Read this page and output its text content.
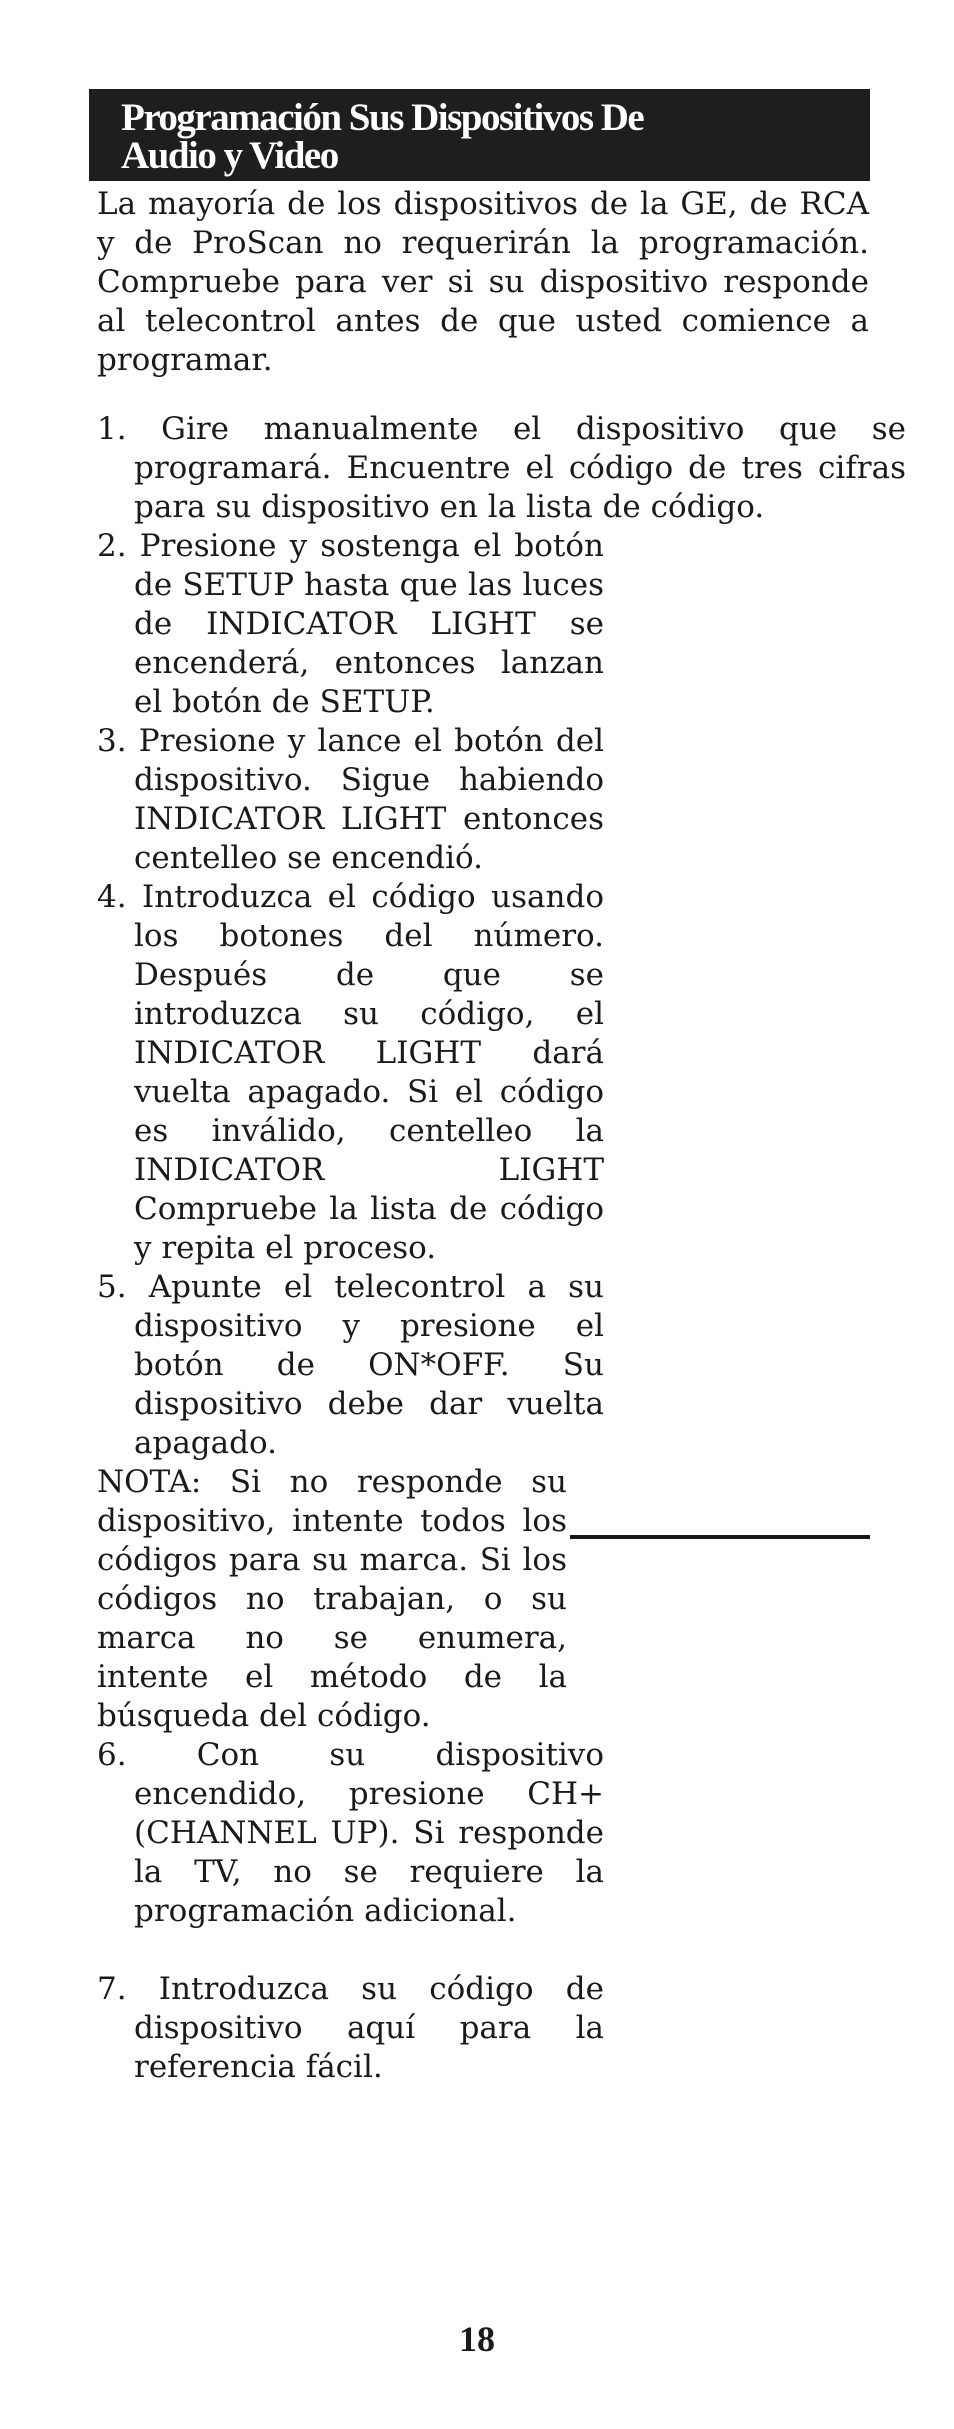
Programación Sus Dispositivos De
Audio y Video

La mayoría de los dispositivos de la GE, de RCA y de ProScan no requerirán la programación. Compruebe para ver si su dispositivo responde al telecontrol antes de que usted comience a programar.

1. Gire manualmente el dispositivo que se programará. Encuentre el código de tres cifras para su dispositivo en la lista de código.

2. Presione y sostenga el botón de SETUP hasta que las luces de INDICATOR LIGHT se encenderá, entonces lanzan el botón de SETUP.

3. Presione y lance el botón del dispositivo. Sigue habiendo INDICATOR LIGHT entonces centelleo se encendió.

4. Introduzca el código usando los botones del número. Después de que se introduzca su código, el INDICATOR LIGHT dará vuelta apagado. Si el código es inválido, centelleo la INDICATOR LIGHT Compruebe la lista de código y repita el proceso.

5. Apunte el telecontrol a su dispositivo y presione el botón de ON*OFF. Su dispositivo debe dar vuelta apagado.

NOTA: Si no responde su dispositivo, intente todos los códigos para su marca. Si los códigos no trabajan, o su marca no se enumera, intente el método de la búsqueda del código.

6. Con su dispositivo encendido, presione CH+ (CHANNEL UP). Si responde la TV, no se requiere la programación adicional.

7. Introduzca su código de dispositivo aquí para la referencia fácil.

18
